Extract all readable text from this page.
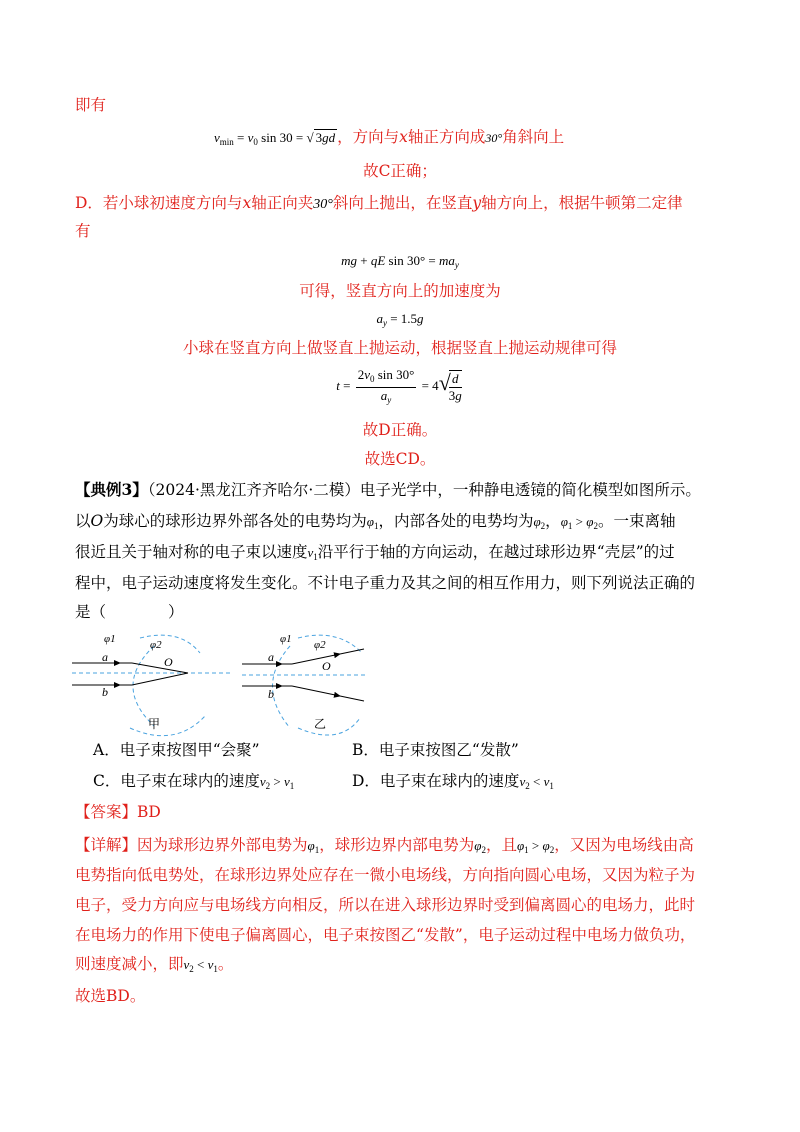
即有
$v_{min} = v_0$ sin 30 = √ 3gd ，方向与x轴正方向成30°角斜向上
故C正确；
D．若小球初速度方向与x轴正向夹30°斜向上抛出，在竖直y轴方向上，根据牛顿第二定律
有
mg + qE $\sin 30^\circ = ma_y$
可得，竖直方向上的加速度为
$a_y = 1.5g$
小球在竖直方向上做竖直上抛运动，根据竖直上抛运动规律可得
$t = \frac{2v_0 \sin 30^\circ}{a_y} = 4√$
$\frac{d}{3g}$
故D正确。
故选CD。
【典例3】（2024·黑龙江齐齐哈尔·二模）电子光学中，一种静电透镜的简化模型如图所示。
以O为球心的球形边界外部各处的电势均为$\varphi_1$，内部各处的电势均为$\varphi_2$，$\varphi_1 > \varphi_2$。一束离轴
很近且关于轴对称的电子束以速度$v_1$沿平行于轴的方向运动，在越过球形边界“壳层”的过
程中，电子运动速度将发生变化。不计电子重力及其之间的相互作用力，则下列说法正确的
是（　　　　）
φ1	φ2
O
a
b
甲
φ1 φ2
O
a
b
乙
A．电子束按图甲“会聚”	B．电子束按图乙“发散”
C．电子束在球内的速度$v_2 > v_1$	D．电子束在球内的速度$v_2 < v_1$
【答案】BD
【详解】因为球形边界外部电势为$\varphi_1$，球形边界内部电势为$\varphi_2$，且$\varphi_1 > \varphi_2$，又因为电场线由高
电势指向低电势处，在球形边界处应存在一微小电场线，方向指向圆心电场，又因为粒子为
电子，受力方向应与电场线方向相反，所以在进入球形边界时受到偏离圆心的电场力，此时
在电场力的作用下使电子偏离圆心，电子束按图乙“发散”，电子运动过程中电场力做负功，
则速度减小，即$v_2 < v_1$。
故选BD。
